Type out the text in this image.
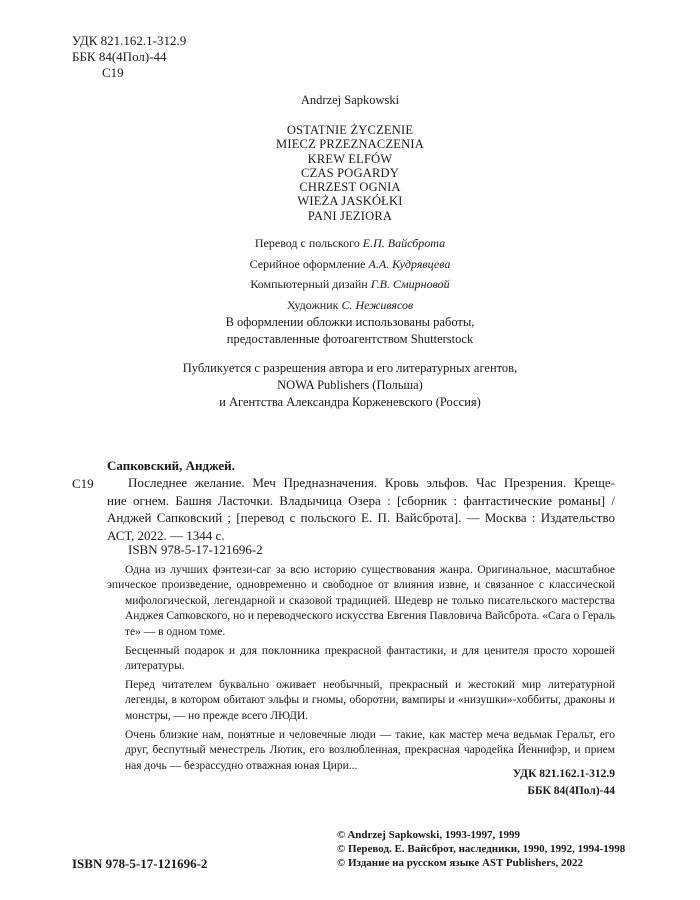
УДК 821.162.1-312.9
ББК 84(4Пол)-44
С19
Andrzej Sapkowski
OSTATNIE ŻYCZENIE
MIECZ PRZEZNACZENIA
KREW ELFÓW
CZAS POGARDY
CHRZEST OGNIA
WIEŻA JASKÓŁKI
PANI JEZIORA
Перевод с польского Е.П. Вайсброта
Серийное оформление А.А. Кудрявцева
Компьютерный дизайн Г.В. Смирновой
Художник С. Неживясов
В оформлении обложки использованы работы,
предоставленные фотоагентством Shutterstock
Публикуется с разрешения автора и его литературных агентов,
NOWA Publishers (Польша)
и Агентства Александра Корженевского (Россия)
Сапковский, Анджей.
С19	Последнее желание. Меч Предназначения. Кровь эльфов. Час Презрения. Креще-
ние огнем. Башня Ласточки. Владычица Озера : [сборник : фантастические романы] /
Анджей Сапковский ; [перевод с польского Е. П. Вайсброта]. — Москва : Издательство
АСТ, 2022. — 1344 с.
ISBN 978-5-17-121696-2

Одна из лучших фэнтези-саг за всю историю существования жанра. Оригинальное, масштабное
эпическое произведение, одновременно и свободное от влияния извне, и связанное с классической
мифологической, легендарной и сказовой традицией. Шедевр не только писательского мастерства
Анджея Сапковского, но и переводческого искусства Евгения Павловича Вайсброта. «Сага о Гераль
те» — в одном томе.

Бесценный подарок и для поклонника прекрасной фантастики, и для ценителя просто хорошей
литературы.

Перед читателем буквально оживает необычный, прекрасный и жестокий мир литературной
легенды, в котором обитают эльфы и гномы, оборотни, вампиры и «низушки»-хоббиты, драконы и
монстры, — но прежде всего ЛЮДИ.

Очень близкие нам, понятные и человечные люди — такие, как мастер меча ведьмак Геральт, его
друг, беспутный менестрель Лютик, его возлюбленная, прекрасная чародейка Йеннифэр, и прием
ная дочь — безрассудно отважная юная Цири...

УДК 821.162.1-312.9
ББК 84(4Пол)-44
© Andrzej Sapkowski, 1993-1997, 1999
© Перевод. Е. Вайсброт, наследники, 1990, 1992, 1994-1998
© Издание на русском языке AST Publishers, 2022
ISBN 978-5-17-121696-2
